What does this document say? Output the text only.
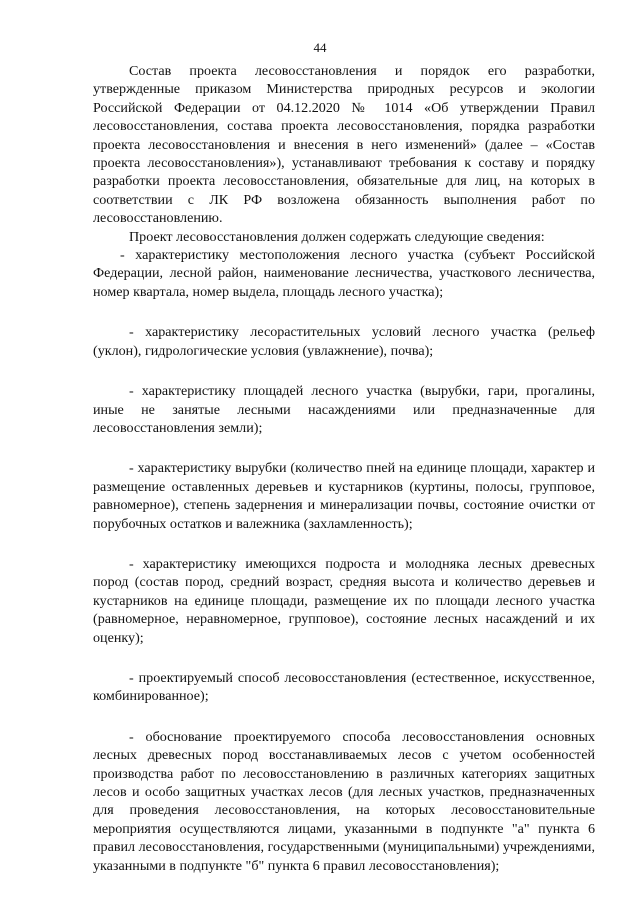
44

Состав проекта лесовосстановления и порядок его разработки, утвержденные приказом Министерства природных ресурсов и экологии Российской Федерации от 04.12.2020 № 1014 «Об утверждении Правил лесовосстановления, состава проекта лесовосстановления, порядка разработки проекта лесовосстановления и внесения в него изменений» (далее – «Состав проекта лесовосстановления»), устанавливают требования к составу и порядку разработки проекта лесовосстановления, обязательные для лиц, на которых в соответствии с ЛК РФ возложена обязанность выполнения работ по лесовосстановлению.

Проект лесовосстановления должен содержать следующие сведения:

- характеристику местоположения лесного участка (субъект Российской Федерации, лесной район, наименование лесничества, участкового лесничества, номер квартала, номер выдела, площадь лесного участка);

- характеристику лесорастительных условий лесного участка (рельеф (уклон), гидрологические условия (увлажнение), почва);

- характеристику площадей лесного участка (вырубки, гари, прогалины, иные не занятые лесными насаждениями или предназначенные для лесовосстановления земли);

- характеристику вырубки (количество пней на единице площади, характер и размещение оставленных деревьев и кустарников (куртины, полосы, групповое, равномерное), степень задернения и минерализации почвы, состояние очистки от порубочных остатков и валежника (захламленность);

- характеристику имеющихся подроста и молодняка лесных древесных пород (состав пород, средний возраст, средняя высота и количество деревьев и кустарников на единице площади, размещение их по площади лесного участка (равномерное, неравномерное, групповое), состояние лесных насаждений и их оценку);

- проектируемый способ лесовосстановления (естественное, искусственное, комбинированное);

- обоснование проектируемого способа лесовосстановления основных лесных древесных пород восстанавливаемых лесов с учетом особенностей производства работ по лесовосстановлению в различных категориях защитных лесов и особо защитных участках лесов (для лесных участков, предназначенных для проведения лесовосстановления, на которых лесовосстановительные мероприятия осуществляются лицами, указанными в подпункте "а" пункта 6 правил лесовосстановления, государственными (муниципальными) учреждениями, указанными в подпункте "б" пункта 6 правил лесовосстановления);
